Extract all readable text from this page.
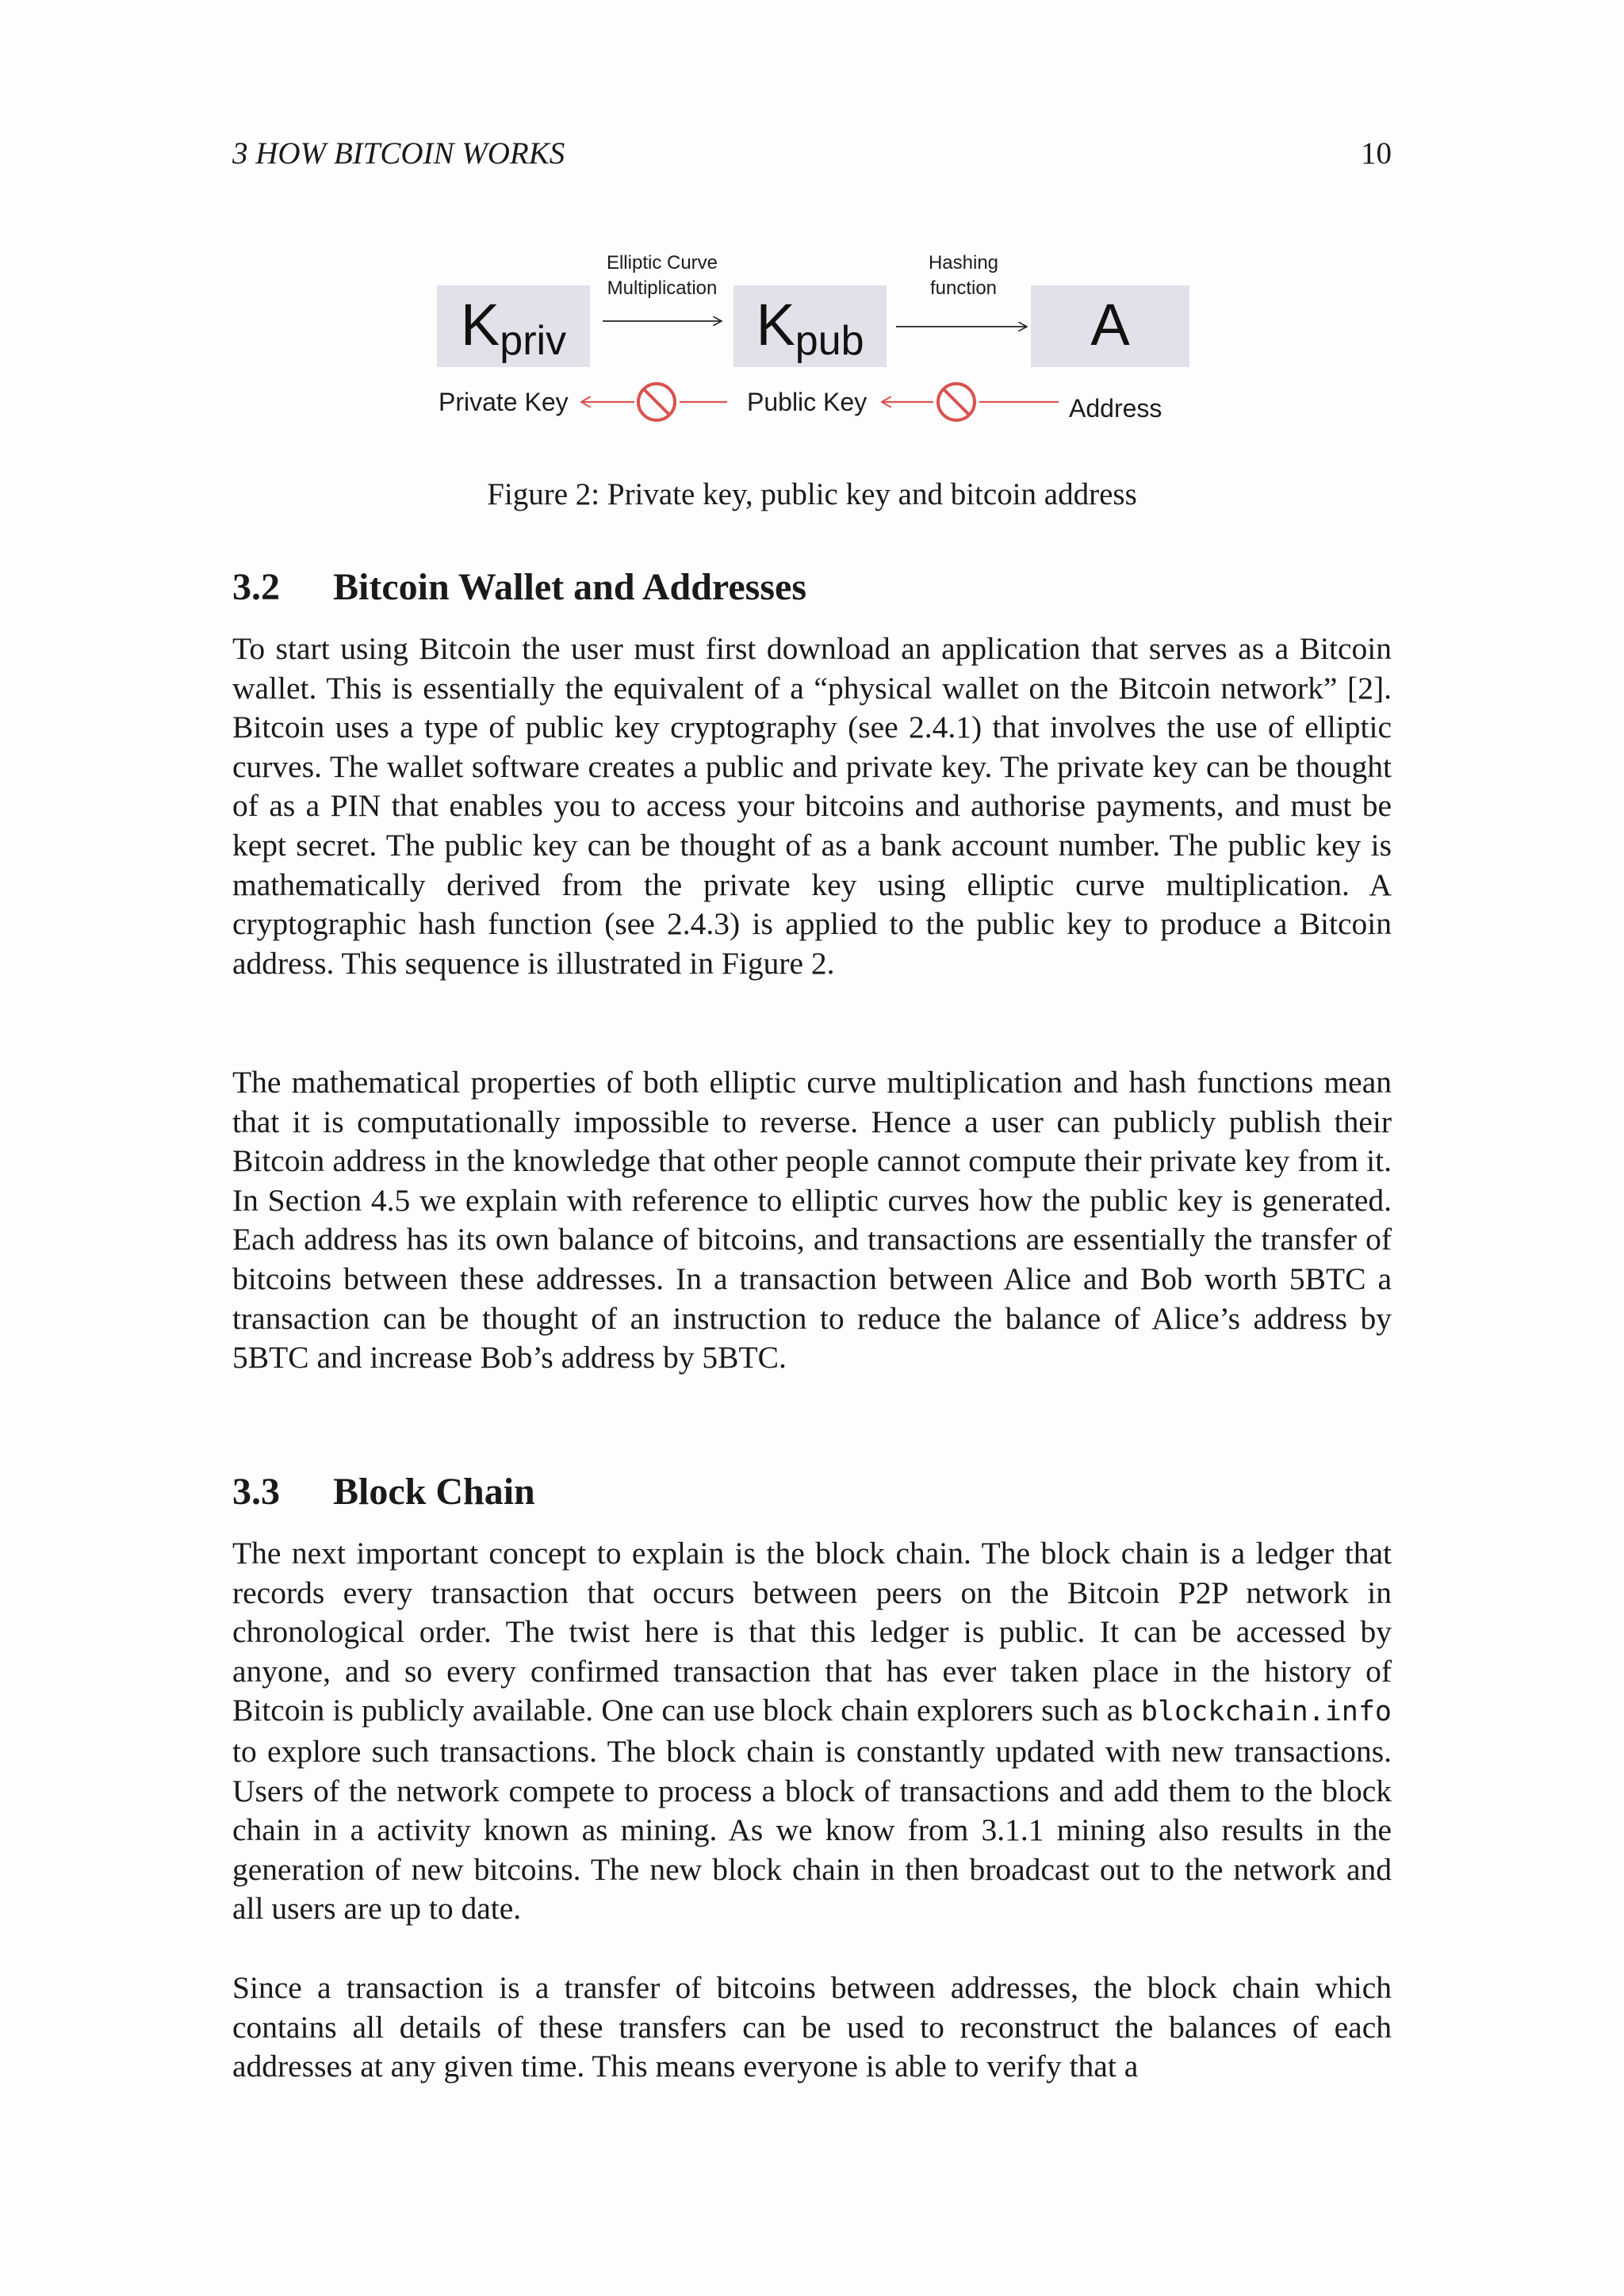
3 HOW BITCOIN WORKS	10
Elliptic Curve
Multiplication
Hashing
function
$K_{priv}$	$K_{pub}$	A
Private Key	Public Key	Address
Figure 2: Private key, public key and bitcoin address
3.2 Bitcoin Wallet and Addresses

To start using Bitcoin the user must first download an application that serves as a Bitcoin wallet. This is essentially the equivalent of a “physical wallet on the Bitcoin network” [2]. Bitcoin uses a type of public key cryptography (see 2.4.1) that involves the use of elliptic curves. The wallet software creates a public and private key. The private key can be thought of as a PIN that enables you to access your bitcoins and authorise payments, and must be kept secret. The public key can be thought of as a bank account number. The public key is mathematically derived from the private key using elliptic curve multiplication. A cryptographic hash function (see 2.4.3) is applied to the public key to produce a Bitcoin address. This sequence is illustrated in Figure 2.

The mathematical properties of both elliptic curve multiplication and hash functions mean that it is computationally impossible to reverse. Hence a user can publicly publish their Bitcoin address in the knowledge that other people cannot compute their private key from it. In Section 4.5 we explain with reference to elliptic curves how the public key is generated. Each address has its own balance of bitcoins, and transactions are essentially the transfer of bitcoins between these addresses. In a transaction between Alice and Bob worth 5BTC a transaction can be thought of an instruction to reduce the balance of Alice’s address by 5BTC and increase Bob’s address by 5BTC.

3.3 Block Chain

The next important concept to explain is the block chain. The block chain is a ledger that records every transaction that occurs between peers on the Bitcoin P2P network in chronological order. The twist here is that this ledger is public. It can be accessed by anyone, and so every confirmed transaction that has ever taken place in the history of Bitcoin is publicly available. One can use block chain explorers such as blockchain.info to explore such transactions. The block chain is constantly updated with new transactions. Users of the network compete to process a block of transactions and add them to the block chain in a activity known as mining. As we know from 3.1.1 mining also results in the generation of new bitcoins. The new block chain in then broadcast out to the network and all users are up to date.

Since a transaction is a transfer of bitcoins between addresses, the block chain which contains all details of these transfers can be used to reconstruct the balances of each addresses at any given time. This means everyone is able to verify that a
